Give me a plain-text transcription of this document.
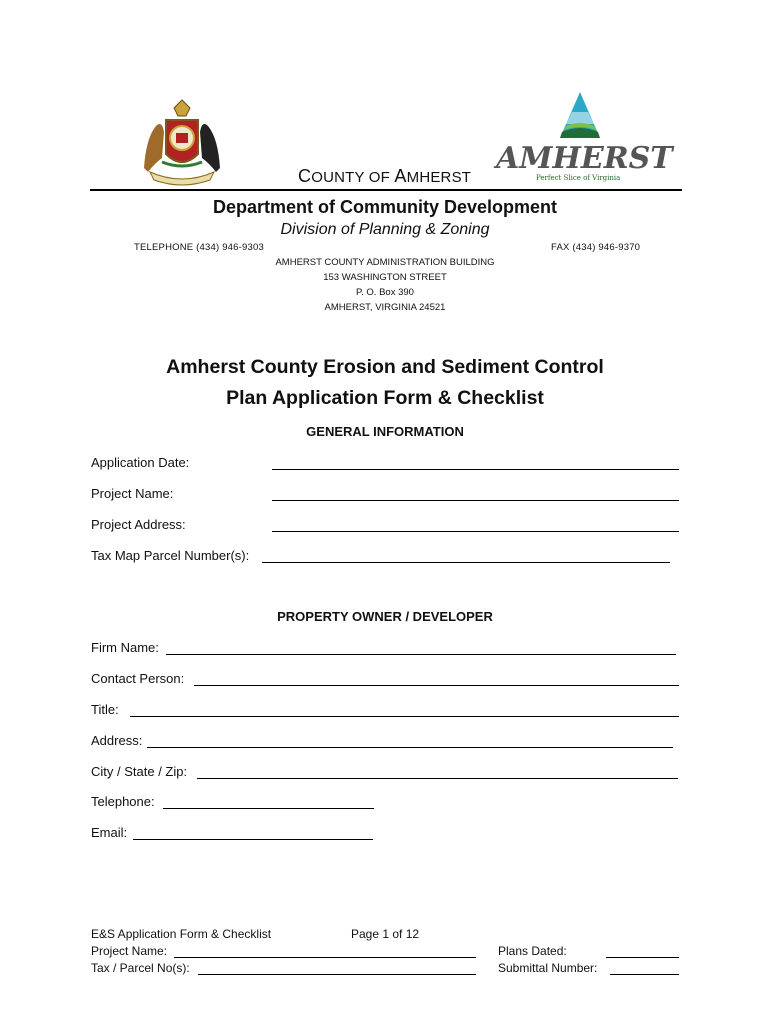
AMHERST
Perfect Slice of Virginia
COUNTY OF AMHERST
Department of Community Development
Division of Planning & Zoning
TELEPHONE (434) 946-9303	FAX (434) 946-9370
AMHERST COUNTY ADMINISTRATION BUILDING
153 WASHINGTON STREET
P. O. Box 390
AMHERST, VIRGINIA 24521
Amherst County Erosion and Sediment Control
Plan Application Form & Checklist
GENERAL INFORMATION
Application Date:
Project Name:
Project Address:
Tax Map Parcel Number(s):
PROPERTY OWNER / DEVELOPER
Firm Name:
Contact Person:
Title:
Address:
City / State / Zip:
Telephone:
Email:
E&S Application Form & Checklist	Page 1 of 12
Project Name:
Tax / Parcel No(s):
Plans Dated:
Submittal Number:
